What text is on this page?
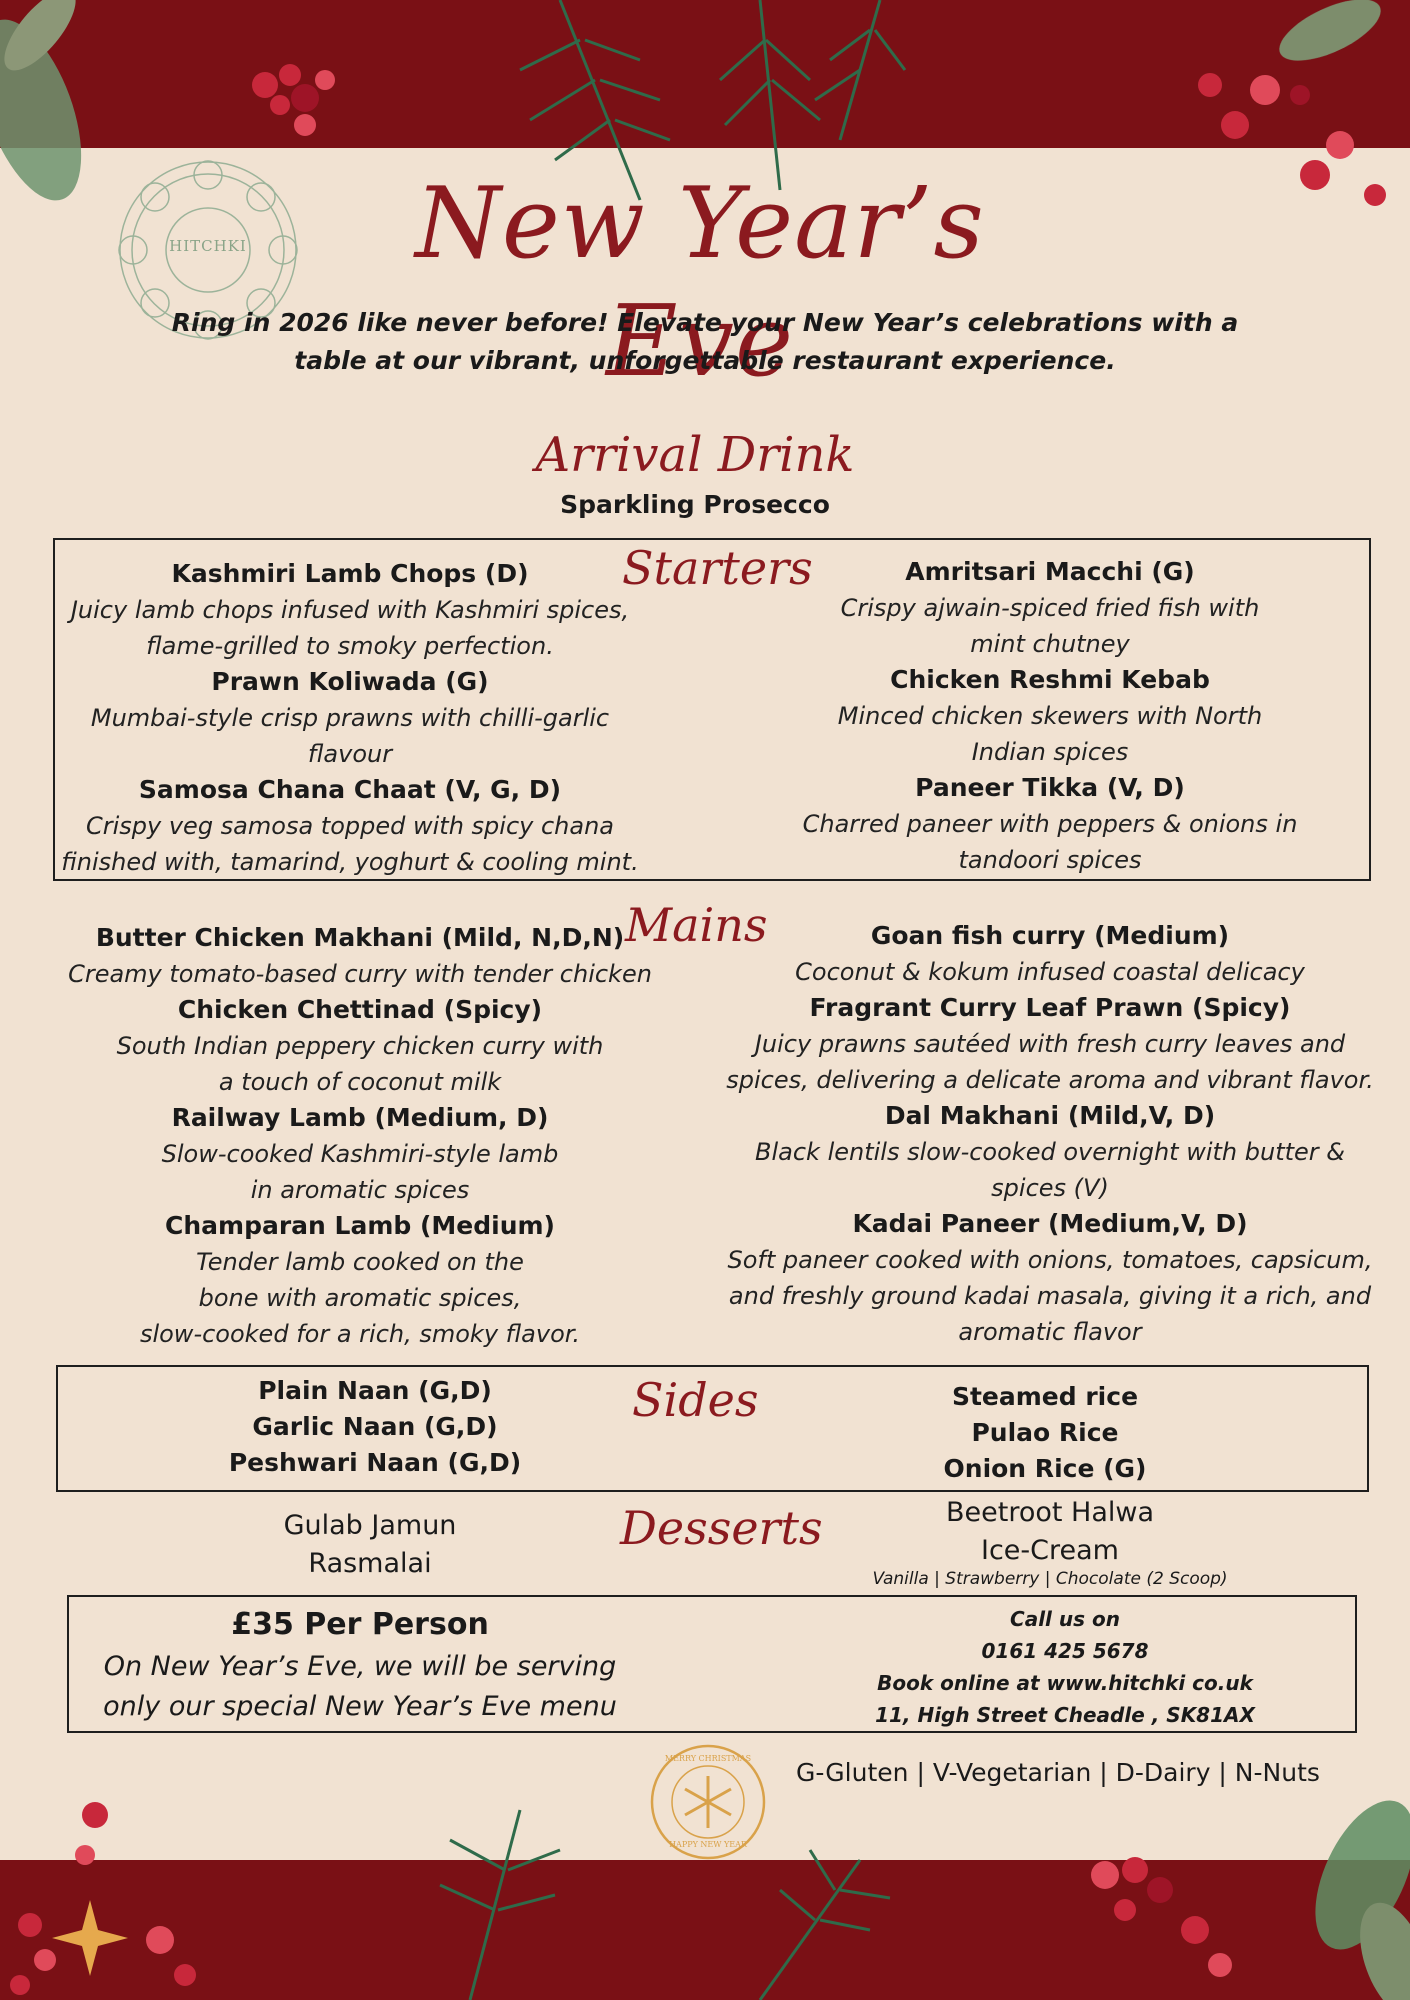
HITCHKI	New Year’s Eve
Ring in 2026 like never before! Elevate your New Year’s celebrations with a
table at our vibrant, unforgettable restaurant experience.
Arrival Drink
Sparkling Prosecco
Starters
Kashmiri Lamb Chops (D)
Juicy lamb chops infused with Kashmiri spices,
flame-grilled to smoky perfection.
Prawn Koliwada (G)
Mumbai-style crisp prawns with chilli-garlic
flavour
Samosa Chana Chaat (V, G, D)
Crispy veg samosa topped with spicy chana
finished with, tamarind, yoghurt & cooling mint.
Amritsari Macchi (G)
Crispy ajwain-spiced fried fish with
mint chutney
Chicken Reshmi Kebab
Minced chicken skewers with North
Indian spices
Paneer Tikka (V, D)
Charred paneer with peppers & onions in
tandoori spices
Mains
Butter Chicken Makhani (Mild, N,D,N)
Creamy tomato-based curry with tender chicken
Chicken Chettinad (Spicy)
South Indian peppery chicken curry with
a touch of coconut milk
Railway Lamb (Medium, D)
Slow-cooked Kashmiri-style lamb
in aromatic spices
Champaran Lamb (Medium)
Tender lamb cooked on the
bone with aromatic spices,
slow-cooked for a rich, smoky flavor.
Goan fish curry (Medium)
Coconut & kokum infused coastal delicacy
Fragrant Curry Leaf Prawn (Spicy)
Juicy prawns sautéed with fresh curry leaves and
spices, delivering a delicate aroma and vibrant flavor.
Dal Makhani (Mild,V, D)
Black lentils slow-cooked overnight with butter &
spices (V)
Kadai Paneer (Medium,V, D)
Soft paneer cooked with onions, tomatoes, capsicum,
and freshly ground kadai masala, giving it a rich, and
aromatic flavor
Sides
Plain Naan (G,D)
Garlic Naan (G,D)
Peshwari Naan (G,D)
Steamed rice
Pulao Rice
Onion Rice (G)
Desserts
Gulab Jamun
Rasmalai
Beetroot Halwa
Ice-Cream
Vanilla | Strawberry | Chocolate (2 Scoop)
£35 Per Person
On New Year’s Eve, we will be serving
only our special New Year’s Eve menu
Call us on
0161 425 5678
Book online at www.hitchki co.uk
11, High Street Cheadle , SK81AX
MERRY CHRISTMAS
HAPPY NEW YEAR
G-Gluten | V-Vegetarian | D-Dairy | N-Nuts
